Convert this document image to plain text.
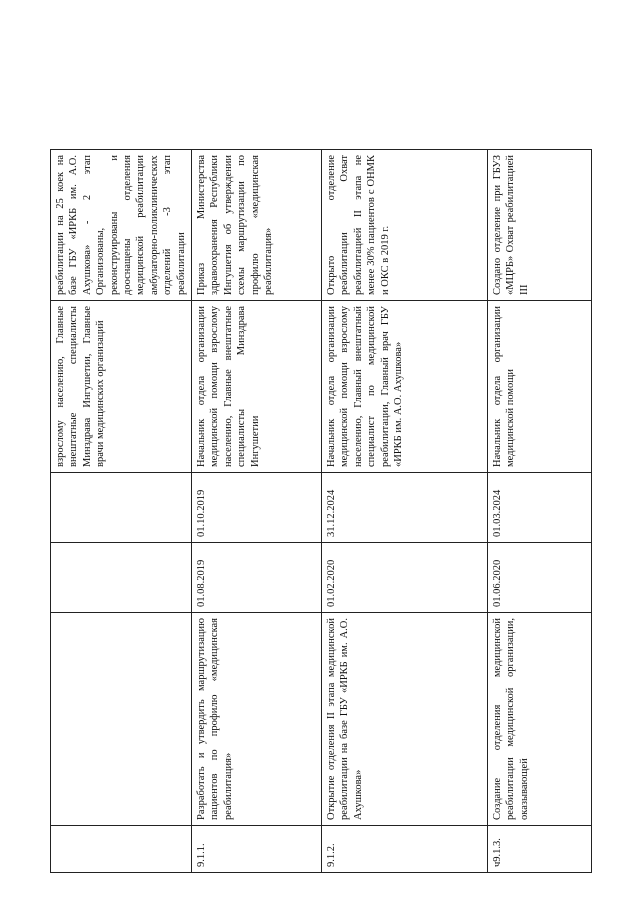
				взрослому населению, Главные внештатные специалисты Минздрава Ингушетии, Главные врачи медицинских организаций	реабилитации на 25 коек на базе ГБУ «ИРКБ им. А.О. Ахушкова» - 2 этап Организованы, реконструированы и дооснащены отделения медицинской реабилитации амбулаторно-поликлинических отделений -3 этап реабилитации
9.1.1.	Разработать и утвердить маршрутизацию пациентов по профилю «медицинская реабилитация»	01.08.2019	01.10.2019	Начальник отдела организации медицинской помощи взрослому населению, Главные внештатные специалисты Минздрава Ингушетии	Приказ Министерства здравоохранения Республики Ингушетия об утверждении схемы маршрутизации по профилю «медицинская реабилитация»
9.1.2.	Открытие отделения II этапа медицинской реабилитации на базе ГБУ «ИРКБ им. А.О. Ахушкова»	01.02.2020	31.12.2024	Начальник отдела организации медицинской помощи взрослому населению, Главный внештатный специалист по медицинской реабилитации, Главный врач ГБУ «ИРКБ им. А.О. Ахушкова»	Открыто отделение реабилитации Охват реабилитацией II этапа не менее 30% пациентов с ОНМК и ОКС в 2019 г.
ч9.1.3.	Создание отделения медицинской реабилитации медицинской организации, оказывающей	01.06.2020	01.03.2024	Начальник отдела организации медицинской помощи	Создано отделение при ГБУЗ «МЦРБ» Охват реабилитацией III
